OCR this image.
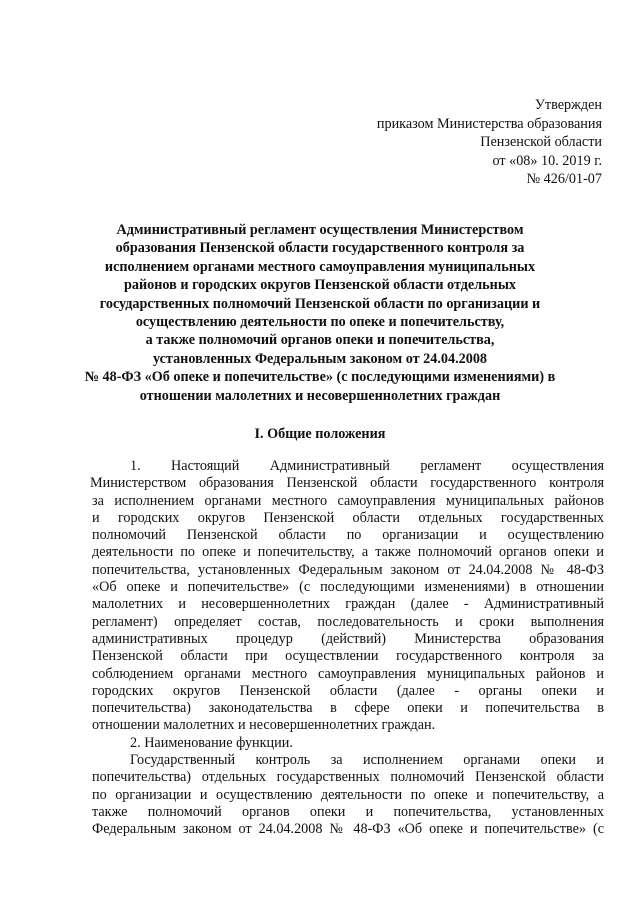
Утвержден
приказом Министерства образования
Пензенской области
от «08» 10. 2019 г.
№ 426/01-07
Административный регламент осуществления Министерством
образования Пензенской области государственного контроля за
исполнением органами местного самоуправления муниципальных
районов и городских округов Пензенской области отдельных
государственных полномочий Пензенской области по организации и
осуществлению деятельности по опеке и попечительству,
а также полномочий органов опеки и попечительства,
установленных Федеральным законом от 24.04.2008
№ 48-ФЗ «Об опеке и попечительстве» (с последующими изменениями) в
отношении малолетних и несовершеннолетних граждан
I. Общие положения
1. Настоящий Административный регламент осуществления
Министерством образования Пензенской области государственного контроля
за исполнением органами местного самоуправления муниципальных районов
и городских округов Пензенской области отдельных государственных
полномочий Пензенской области по организации и осуществлению
деятельности по опеке и попечительству, а также полномочий органов опеки и
попечительства, установленных Федеральным законом от 24.04.2008 № 48-ФЗ
«Об опеке и попечительстве» (с последующими изменениями) в отношении
малолетних и несовершеннолетних граждан (далее - Административный
регламент) определяет состав, последовательность и сроки выполнения
административных процедур (действий) Министерства образования
Пензенской области при осуществлении государственного контроля за
соблюдением органами местного самоуправления муниципальных районов и
городских округов Пензенской области (далее - органы опеки и
попечительства) законодательства в сфере опеки и попечительства в
отношении малолетних и несовершеннолетних граждан.
2. Наименование функции.
Государственный контроль за исполнением органами опеки и
попечительства) отдельных государственных полномочий Пензенской области
по организации и осуществлению деятельности по опеке и попечительству, а
также полномочий органов опеки и попечительства, установленных
Федеральным законом от 24.04.2008 № 48-ФЗ «Об опеке и попечительстве» (с
